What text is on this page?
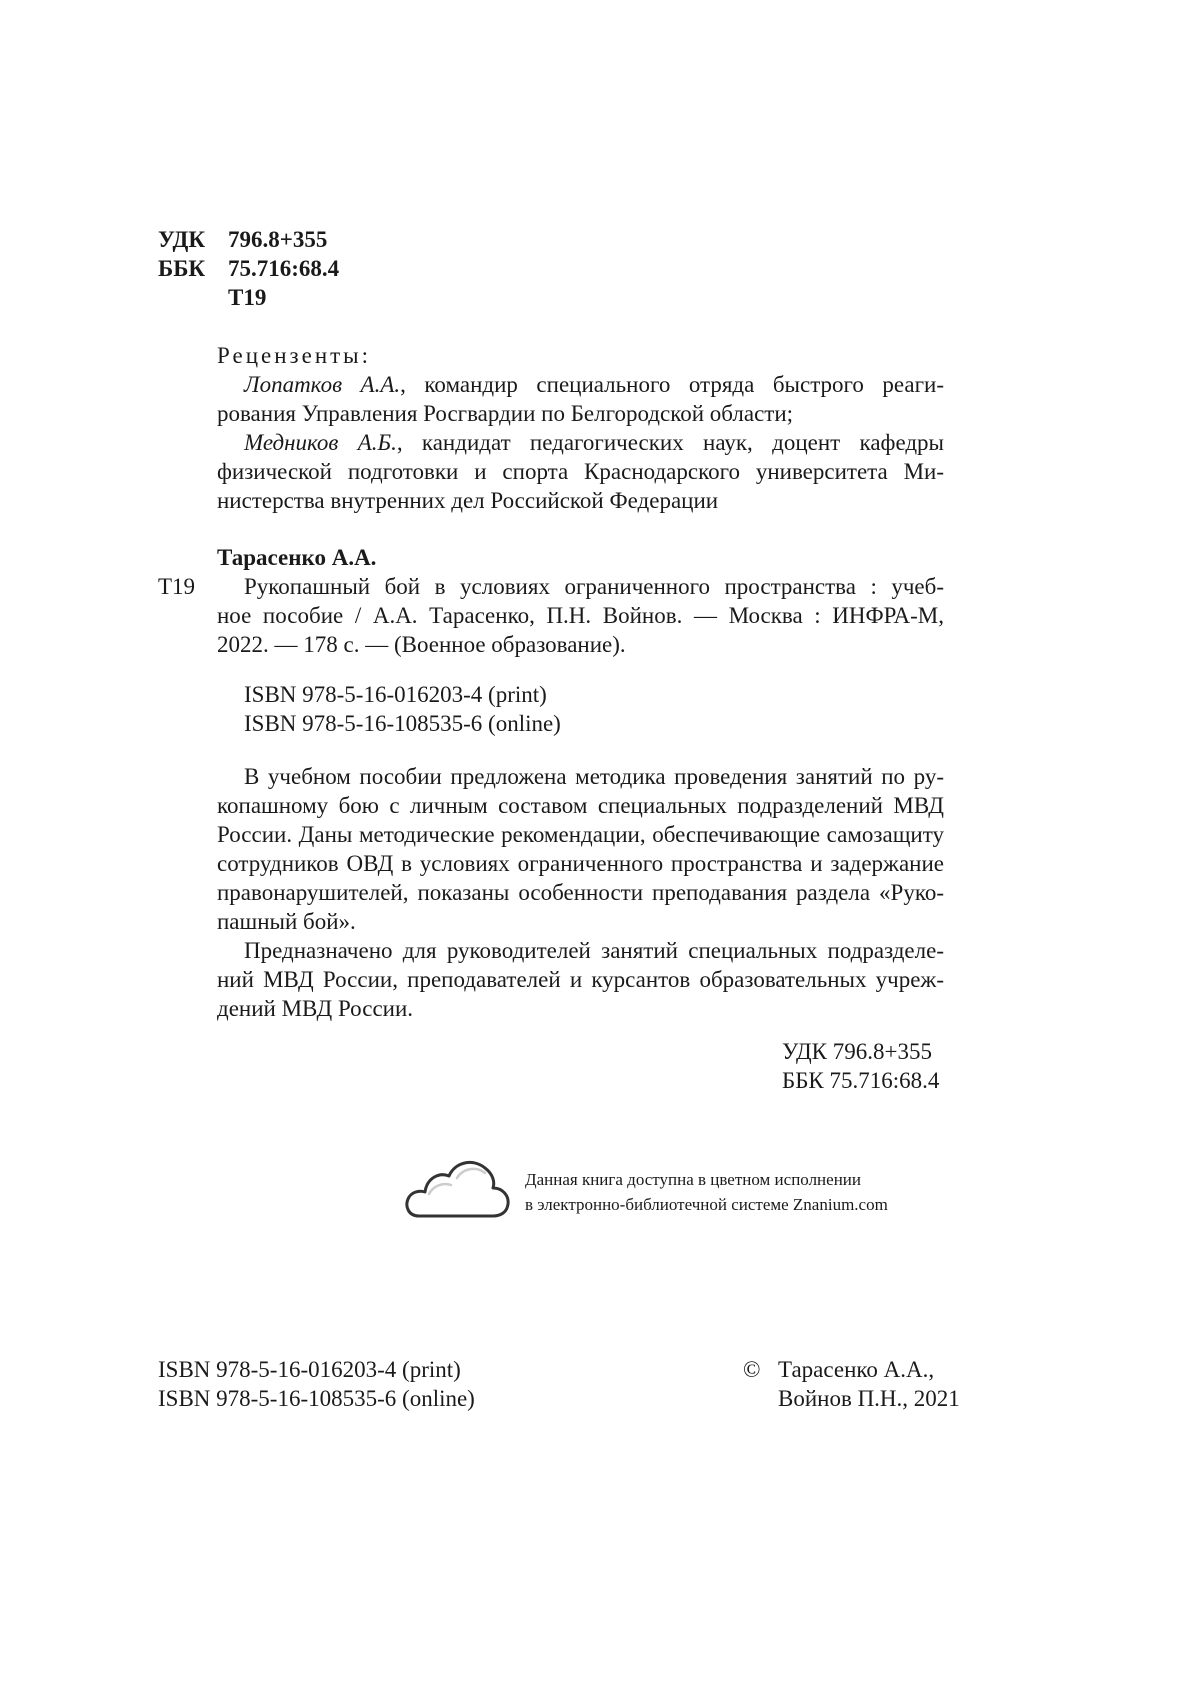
УДК 796.8+355
ББК 75.716:68.4
Т19
Рецензенты:
Лопатков А.А., командир специального отряда быстрого реаги-
рования Управления Росгвардии по Белгородской области;
Медников А.Б., кандидат педагогических наук, доцент кафедры
физической подготовки и спорта Краснодарского университета Ми-
нистерства внутренних дел Российской Федерации
Тарасенко А.А.
Т19 Рукопашный бой в условиях ограниченного пространства : учеб-
ное пособие / А.А. Тарасенко, П.Н. Войнов. — Москва : ИНФРА-М,
2022. — 178 с. — (Военное образование).
ISBN 978-5-16-016203-4 (print)
ISBN 978-5-16-108535-6 (online)
В учебном пособии предложена методика проведения занятий по ру-
копашному бою с личным составом специальных подразделений МВД
России. Даны методические рекомендации, обеспечивающие самозащиту
сотрудников ОВД в условиях ограниченного пространства и задержание
правонарушителей, показаны особенности преподавания раздела «Руко-
пашный бой».
Предназначено для руководителей занятий специальных подразделе-
ний МВД России, преподавателей и курсантов образовательных учреж-
дений МВД России.
УДК 796.8+355
ББК 75.716:68.4
Данная книга доступна в цветном исполнении
в электронно-библиотечной системе Znanium.com
ISBN 978-5-16-016203-4 (print)
ISBN 978-5-16-108535-6 (online)
© Тарасенко А.А.,
Войнов П.Н., 2021
